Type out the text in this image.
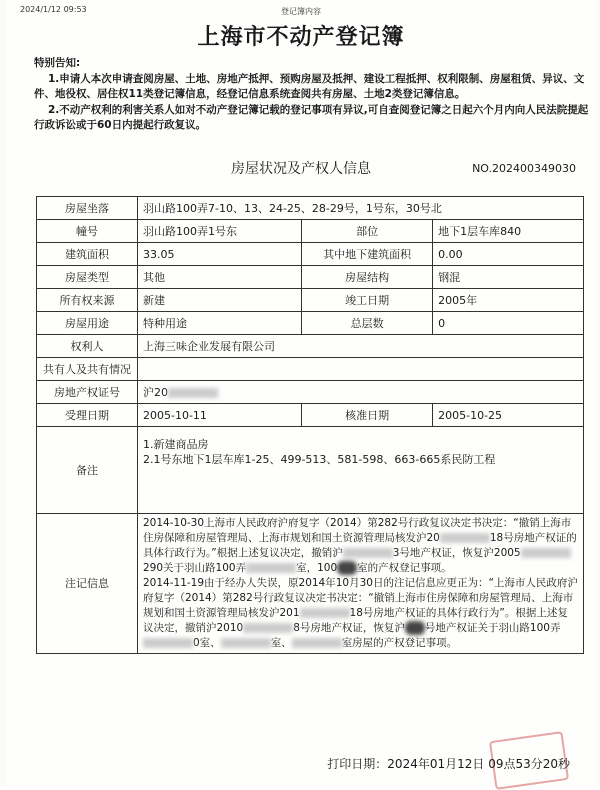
2024/1/12 09:53	登记簿内容
上海市不动产登记簿

特别告知:

1.申请人本次申请查阅房屋、土地、房地产抵押、预购房屋及抵押、建设工程抵押、权利限制、房屋租赁、异议、文件、地役权、居住权11类登记簿信息，经登记信息系统查阅共有房屋、土地2类登记簿信息。

2.不动产权利的利害关系人如对不动产登记簿记载的登记事项有异议,可自查阅登记簿之日起六个月内向人民法院提起行政诉讼或于60日内提起行政复议。

房屋状况及产权人信息	NO.202400349030
房屋坐落	羽山路100弄7-10、13、24-25、28-29号，1号东，30号北		
幢号	羽山路100弄1号东	部位	地下1层车库840
建筑面积	33.05	其中地下建筑面积	0.00
房屋类型	其他	房屋结构	钢混
所有权来源	新建	竣工日期	2005年
房屋用途	特种用途	总层数	0
权利人	上海三味企业发展有限公司		
共有人及共有情况			
房地产权证号	沪20		
受理日期	2005-10-11	核准日期	2005-10-25
备注	1.新建商品房
2.1号东地下1层车库1-25、499-513、581-598、663-665系民防工程		

注记信息	2014-10-30上海市人民政府沪府复字（2014）第282号行政复议决定书决定：“撤销上海市住房保障和房屋管理局、上海市规划和国土资源管理局核发沪20 18号房地产权证的具体行政行为。”根据上述复议决定，撤销沪 3号地产权证，恢复沪2005290关于羽山路100弄 室，100 室的产权登记事项。
2014-11-19由于经办人失误，原2014年10月30日的注记信息应更正为：“上海市人民政府沪府复字（2014）第282号行政复议决定书决定：“撤销上海市住房保障和房屋管理局、上海市规划和国土资源管理局核发沪201 18号房地产权证的具体行政行为”。根据上述复议决定，撤销沪2010 8号房地产权证，恢复沪 号地产权证关于羽山路100弄0室、 室、 室房屋的产权登记事项。		
打印日期：2024年01月12日 09点53分20秒
